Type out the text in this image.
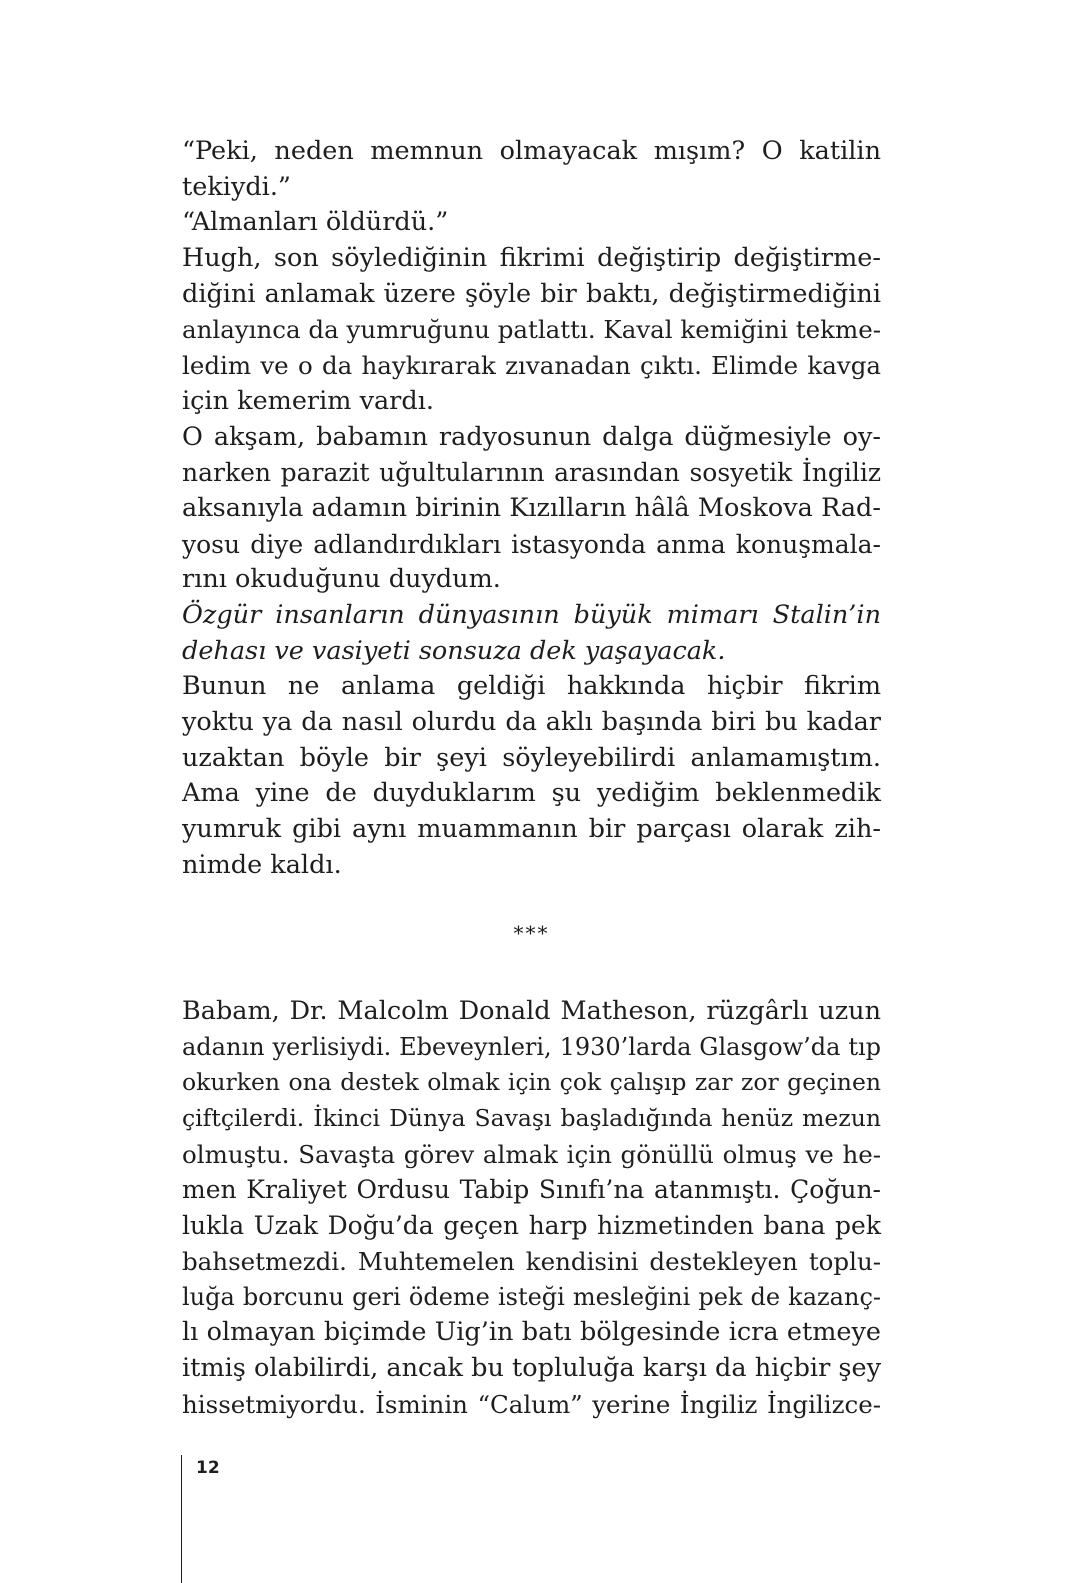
“Peki, neden memnun olmayacak mışım? O katilin
tekiydi.”
“Almanları öldürdü.”
Hugh, son söylediğinin fikrimi değiştirip değiştirme-
diğini anlamak üzere şöyle bir baktı, değiştirmediğini
anlayınca da yumruğunu patlattı. Kaval kemiğini tekme-
ledim ve o da haykırarak zıvanadan çıktı. Elimde kavga
için kemerim vardı.
O akşam, babamın radyosunun dalga düğmesiyle oy-
narken parazit uğultularının arasından sosyetik İngiliz
aksanıyla adamın birinin Kızılların hâlâ Moskova Rad-
yosu diye adlandırdıkları istasyonda anma konuşmala-
rını okuduğunu duydum.
Özgür insanların dünyasının büyük mimarı Stalin’in
dehası ve vasiyeti sonsuza dek yaşayacak.
Bunun ne anlama geldiği hakkında hiçbir fikrim
yoktu ya da nasıl olurdu da aklı başında biri bu kadar
uzaktan böyle bir şeyi söyleyebilirdi anlamamıştım.
Ama yine de duyduklarım şu yediğim beklenmedik
yumruk gibi aynı muammanın bir parçası olarak zih-
nimde kaldı.
***
Babam, Dr. Malcolm Donald Matheson, rüzgârlı uzun
adanın yerlisiydi. Ebeveynleri, 1930’larda Glasgow’da tıp
okurken ona destek olmak için çok çalışıp zar zor geçinen
çiftçilerdi. İkinci Dünya Savaşı başladığında henüz mezun
olmuştu. Savaşta görev almak için gönüllü olmuş ve he-
men Kraliyet Ordusu Tabip Sınıfı’na atanmıştı. Çoğun-
lukla Uzak Doğu’da geçen harp hizmetinden bana pek
bahsetmezdi. Muhtemelen kendisini destekleyen toplu-
luğa borcunu geri ödeme isteği mesleğini pek de kazanç-
lı olmayan biçimde Uig’in batı bölgesinde icra etmeye
itmiş olabilirdi, ancak bu topluluğa karşı da hiçbir şey
hissetmiyordu. İsminin “Calum” yerine İngiliz İngilizce-
12
